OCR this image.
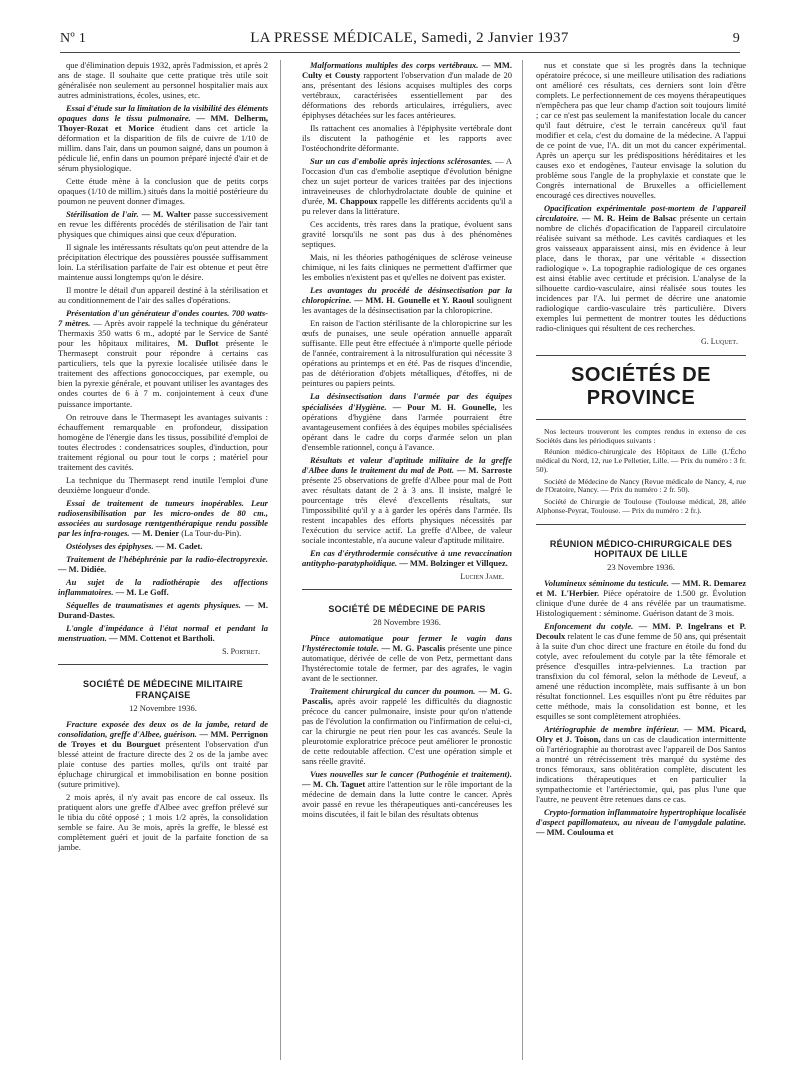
Nº 1	LA PRESSE MÉDICALE, Samedi, 2 Janvier 1937	9

que d'élimination depuis 1932, après l'admission, et après 2 ans de stage. Il souhaite que cette pratique très utile soit généralisée non seulement au personnel hospitalier mais aux autres administrations, écoles, usines, etc.

Essai d'étude sur la limitation de la visibilité des éléments opaques dans le tissu pulmonaire. — MM. Delherm, Thoyer-Rozat et Morice étudient dans cet article la déformation et la disparition de fils de cuivre de 1/10 de millim. dans l'air, dans un poumon saigné, dans un poumon à pédicule lié, enfin dans un poumon préparé injecté d'air et de sérum physiologique.

Cette étude mène à la conclusion que de petits corps opaques (1/10 de millim.) situés dans la moitié postérieure du poumon ne peuvent donner d'images.

Stérilisation de l'air. — M. Walter passe successivement en revue les différents procédés de stérilisation de l'air tant physiques que chimiques ainsi que ceux d'épuration.

Il signale les intéressants résultats qu'on peut attendre de la précipitation électrique des poussières poussée suffisamment loin. La stérilisation parfaite de l'air est obtenue et peut être maintenue aussi longtemps qu'on le désire.

Il montre le détail d'un appareil destiné à la stérilisation et au conditionnement de l'air des salles d'opérations.

Présentation d'un générateur d'ondes courtes. 700 watts-7 mètres. — Après avoir rappelé la technique du générateur Thermaxis 350 watts 6 m., adopté par le Service de Santé pour les hôpitaux militaires, M. Duflot présente le Thermasept construit pour répondre à certains cas particuliers, tels que la pyrexie localisée utilisée dans le traitement des affections gonococciques, par exemple, ou bien la pyrexie générale, et pouvant utiliser les avantages des ondes courtes de 6 à 7 m. conjointement à ceux d'une puissance importante.

On retrouve dans le Thermasept les avantages suivants : échauffement remarquable en profondeur, dissipation homogène de l'énergie dans les tissus, possibilité d'emploi de toutes électrodes : condensatrices souples, d'induction, pour traitement régional ou pour tout le corps ; matériel pour traitement des cavités.

La technique du Thermasept rend inutile l'emploi d'une deuxième longueur d'onde.

Essai de traitement de tumeurs inopérables. Leur radiosensibilisation par les micro-ondes de 80 cm., associées au surdosage rœntgenthérapique rendu possible par les infra-rouges. — M. Denier (La Tour-du-Pin).

Ostéolyses des épiphyses. — M. Cadet.

Traitement de l'hébéphrénie par la radio-électropyrexie. — M. Didiée.

Au sujet de la radiothérapie des affections inflammatoires. — M. Le Goff.

Séquelles de traumatismes et agents physiques. — M. Durand-Dastes.

L'angle d'impédance à l'état normal et pendant la menstruation. — MM. Cottenot et Bartholi.

S. Portret.
SOCIÉTÉ DE MÉDECINE MILITAIRE FRANÇAISE
12 Novembre 1936.

Fracture exposée des deux os de la jambe, retard de consolidation, greffe d'Albee, guérison. — MM. Perrignon de Troyes et du Bourguet présentent l'observation d'un blessé atteint de fracture directe des 2 os de la jambe avec plaie contuse des parties molles, qu'ils ont traité par épluchage chirurgical et immobilisation en bonne position (suture primitive).

2 mois après, il n'y avait pas encore de cal osseux. Ils pratiquent alors une greffe d'Albee avec greffon prélevé sur le tibia du côté opposé ; 1 mois 1/2 après, la consolidation semble se faire. Au 3e mois, après la greffe, le blessé est complètement guéri et jouit de la parfaite fonction de sa jambe.

Malformations multiples des corps vertébraux. — MM. Culty et Cousty rapportent l'observation d'un malade de 20 ans, présentant des lésions acquises multiples des corps vertébraux, caractérisées essentiellement par des déformations des rebords articulaires, irréguliers, avec épiphyses détachées sur les faces antérieures.

Ils rattachent ces anomalies à l'épiphysite vertébrale dont ils discutent la pathogénie et les rapports avec l'ostéochondrite déformante.

Sur un cas d'embolie après injections sclérosantes. — A l'occasion d'un cas d'embolie aseptique d'évolution bénigne chez un sujet porteur de varices traitées par des injections intraveineuses de chlorhydrolactate double de quinine et d'urée, M. Chappoux rappelle les différents accidents qu'il a pu relever dans la littérature.

Ces accidents, très rares dans la pratique, évoluent sans gravité lorsqu'ils ne sont pas dus à des phénomènes septiques.

Mais, ni les théories pathogéniques de sclérose veineuse chimique, ni les faits cliniques ne permettent d'affirmer que les embolies n'existent pas et qu'elles ne doivent pas exister.

Les avantages du procédé de désinsectisation par la chloropicrine. — MM. H. Gounelle et Y. Raoul soulignent les avantages de la désinsectisation par la chloropicrine.

En raison de l'action stérilisante de la chloropicrine sur les œufs de punaises, une seule opération annuelle apparaît suffisante. Elle peut être effectuée à n'importe quelle période de l'année, contrairement à la nitrosulfuration qui nécessite 3 opérations au printemps et en été. Pas de risques d'incendie, pas de détérioration d'objets métalliques, d'étoffes, ni de peintures ou papiers peints.

La désinsectisation dans l'armée par des équipes spécialisées d'Hygiène. — Pour M. H. Gounelle, les opérations d'hygiène dans l'armée pourraient être avantageusement confiées à des équipes mobiles spécialisées opérant dans le cadre du corps d'armée selon un plan d'ensemble rationnel, conçu à l'avance.

Résultats et valeur d'aptitude militaire de la greffe d'Albee dans le traitement du mal de Pott. — M. Sarroste présente 25 observations de greffe d'Albee pour mal de Pott avec résultats datant de 2 à 3 ans. Il insiste, malgré le pourcentage très élevé d'excellents résultats, sur l'impossibilité qu'il y a à garder les opérés dans l'armée. Ils restent incapables des efforts physiques nécessités par l'exécution du service actif. La greffe d'Albee, de valeur sociale incontestable, n'a aucune valeur d'aptitude militaire.

En cas d'érythrodermie consécutive à une revaccination antitypho-paratyphoïdique. — MM. Bolzinger et Villquez.

Lucien Jame.
SOCIÉTÉ DE MÉDECINE DE PARIS
28 Novembre 1936.

Pince automatique pour fermer le vagin dans l'hystérectomie totale. — M. G. Pascalis présente une pince automatique, dérivée de celle de von Petz, permettant dans l'hystérectomie totale de fermer, par des agrafes, le vagin avant de le sectionner.

Traitement chirurgical du cancer du poumon. — M. G. Pascalis, après avoir rappelé les difficultés du diagnostic précoce du cancer pulmonaire, insiste pour qu'on n'attende pas de l'évolution la confirmation ou l'infirmation de celui-ci, car la chirurgie ne peut rien pour les cas avancés. Seule la pleurotomie exploratrice précoce peut améliorer le pronostic de cette redoutable affection. C'est une opération simple et sans réelle gravité.

Vues nouvelles sur le cancer (Pathogénie et traitement). — M. Ch. Taguet attire l'attention sur le rôle important de la médecine de demain dans la lutte contre le cancer. Après avoir passé en revue les thérapeutiques anti-cancéreuses les moins discutées, il fait le bilan des résultats obtenus

nus et constate que si les progrès dans la technique opératoire précoce, si une meilleure utilisation des radiations ont amélioré ces résultats, ces derniers sont loin d'être complets. Le perfectionnement de ces moyens thérapeutiques n'empêchera pas que leur champ d'action soit toujours limité ; car ce n'est pas seulement la manifestation locale du cancer qu'il faut détruire, c'est le terrain cancéreux qu'il faut modifier et cela, c'est du domaine de la médecine. A l'appui de ce point de vue, l'A. dit un mot du cancer expérimental. Après un aperçu sur les prédispositions héréditaires et les causes exo et endogènes, l'auteur envisage la solution du problème sous l'angle de la prophylaxie et constate que le Congrès international de Bruxelles a officiellement encouragé ces directives nouvelles.

Opacification expérimentale post-mortem de l'appareil circulatoire. — M. R. Heim de Balsac présente un certain nombre de clichés d'opacification de l'appareil circulatoire réalisée suivant sa méthode. Les cavités cardiaques et les gros vaisseaux apparaissent ainsi, mis en évidence à leur place, dans le thorax, par une véritable « dissection radiologique ». La topographie radiologique de ces organes est ainsi établie avec certitude et précision. L'analyse de la silhouette cardio-vasculaire, ainsi réalisée sous toutes les incidences par l'A. lui permet de décrire une anatomie radiologique cardio-vasculaire très particulière. Divers exemples lui permettent de montrer toutes les déductions radio-cliniques qui résultent de ces recherches.

G. Luquet.
SOCIÉTÉS DE PROVINCE

Nos lecteurs trouveront les comptes rendus in extenso de ces Sociétés dans les périodiques suivants :

Réunion médico-chirurgicale des Hôpitaux de Lille (L'Écho médical du Nord, 12, rue Le Pelletier, Lille. — Prix du numéro : 3 fr. 50).

Société de Médecine de Nancy (Revue médicale de Nancy, 4, rue de l'Oratoire, Nancy. — Prix du numéro : 2 fr. 50).

Société de Chirurgie de Toulouse (Toulouse médical, 28, allée Alphonse-Peyrat, Toulouse. — Prix du numéro : 2 fr.).

RÉUNION MÉDICO-CHIRURGICALE DES HOPITAUX DE LILLE
23 Novembre 1936.

Volumineux séminome du testicule. — MM. R. Demarez et M. L'Herbier. Pièce opératoire de 1.500 gr. Évolution clinique d'une durée de 4 ans révélée par un traumatisme. Histologiquement : séminome. Guérison datant de 3 mois.

Enfoncement du cotyle. — MM. P. Ingelrans et P. Decoulx relatent le cas d'une femme de 50 ans, qui présentait à la suite d'un choc direct une fracture en étoile du fond du cotyle, avec refoulement du cotyle par la tête fémorale et présence d'esquilles intra-pelviennes. La traction par transfixion du col fémoral, selon la méthode de Leveuf, a amené une réduction incomplète, mais suffisante à un bon résultat fonctionnel. Les esquilles n'ont pu être réduites par cette méthode, mais la consolidation est bonne, et les esquilles se sont complètement atrophiées.

Artériographie de membre inférieur. — MM. Picard, Olry et J. Toison, dans un cas de claudication intermittente où l'artériographie au thorotrast avec l'appareil de Dos Santos a montré un rétrécissement très marqué du système des troncs fémoraux, sans oblitération complète, discutent les indications thérapeutiques et en particulier la sympathectomie et l'artériectomie, qui, pas plus l'une que l'autre, ne peuvent être retenues dans ce cas.

Crypto-formation inflammatoire hypertrophique localisée d'aspect papillomateux, au niveau de l'amygdale palatine. — MM. Couloumа et
